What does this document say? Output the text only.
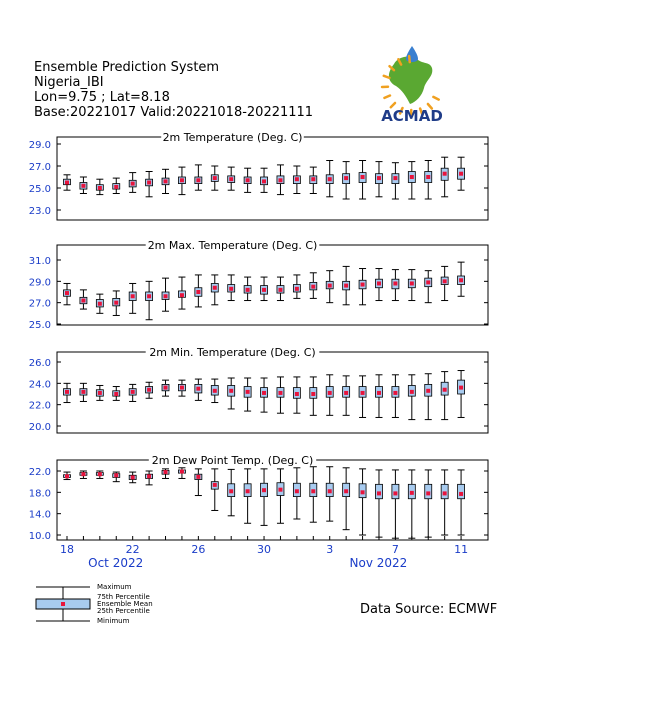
Ensemble Prediction System
Nigeria_IBI
Lon=9.75 ; Lat=8.18
Base:20221017 Valid:20221018-20221111	ACMAD
2m Temperature (Deg. C)
29.0
27.0
25.0
23.0
2m Max. Temperature (Deg. C)
31.0
29.0
27.0
25.0
2m Min. Temperature (Deg. C)
26.0
24.0
22.0
20.0
2m Dew Point Temp. (Deg. C)
22.0
18.0
14.0
10.0
18	22	26	30	3	7	11
Oct 2022	Nov 2022
Maximum
75th Percentile
Ensemble Mean
25th Percentile
Minimum
Data Source: ECMWF
